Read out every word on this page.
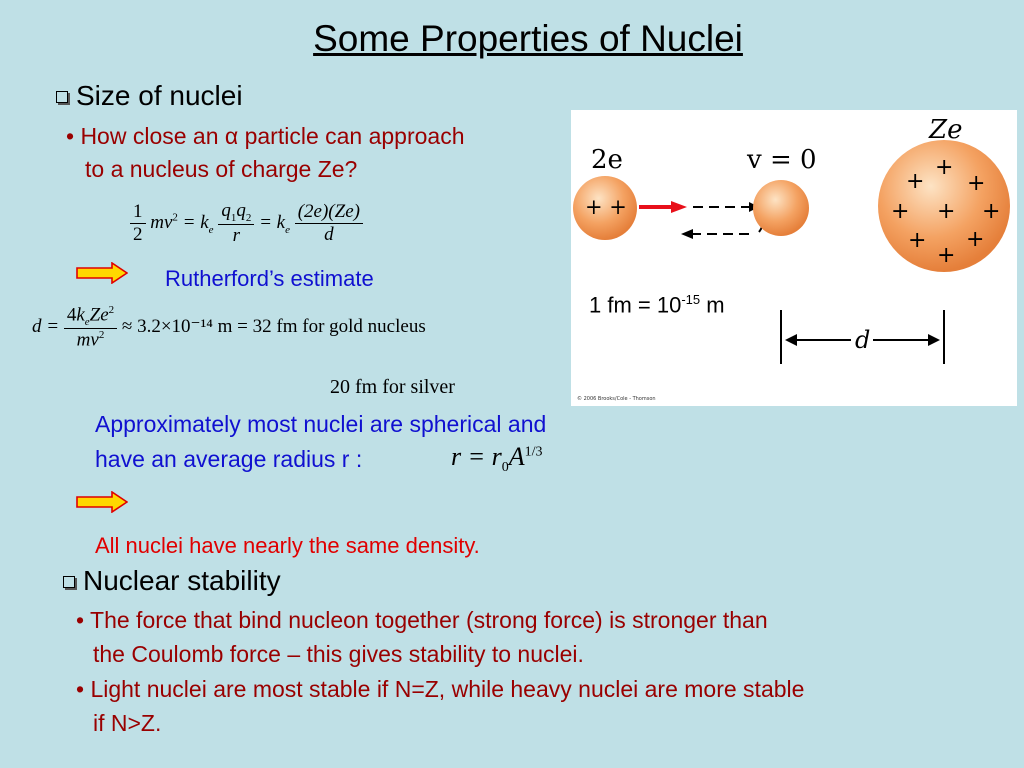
Some Properties of Nuclei
Size of nuclei
• How close an α particle can approach
to a nucleus of charge Ze?
$\frac{1}{2} mv^2 = k_e \frac{q_1q_2}{r} = k_e \frac{(2e)(Ze)}{d}$
Rutherford’s estimate
$d = \frac{4k_eZe^2}{mv^2} \approx 3.2\times 10^{-14}$ m = 32 fm for gold nucleus
20 fm for silver
+ +
+
+
+
+ + +
+ +
+
2e	v = 0
Ze
d
© 2006 Brooks/Cole - Thomson
1 fm = $10^{-15}$ m
Approximately most nuclei are spherical and
have an average radius r :	$r = r_0A^{1/3}$
All nuclei have nearly the same density.
Nuclear stability
• The force that bind nucleon together (strong force) is stronger than
the Coulomb force – this gives stability to nuclei.
• Light nuclei are most stable if N=Z, while heavy nuclei are more stable
if N>Z.
